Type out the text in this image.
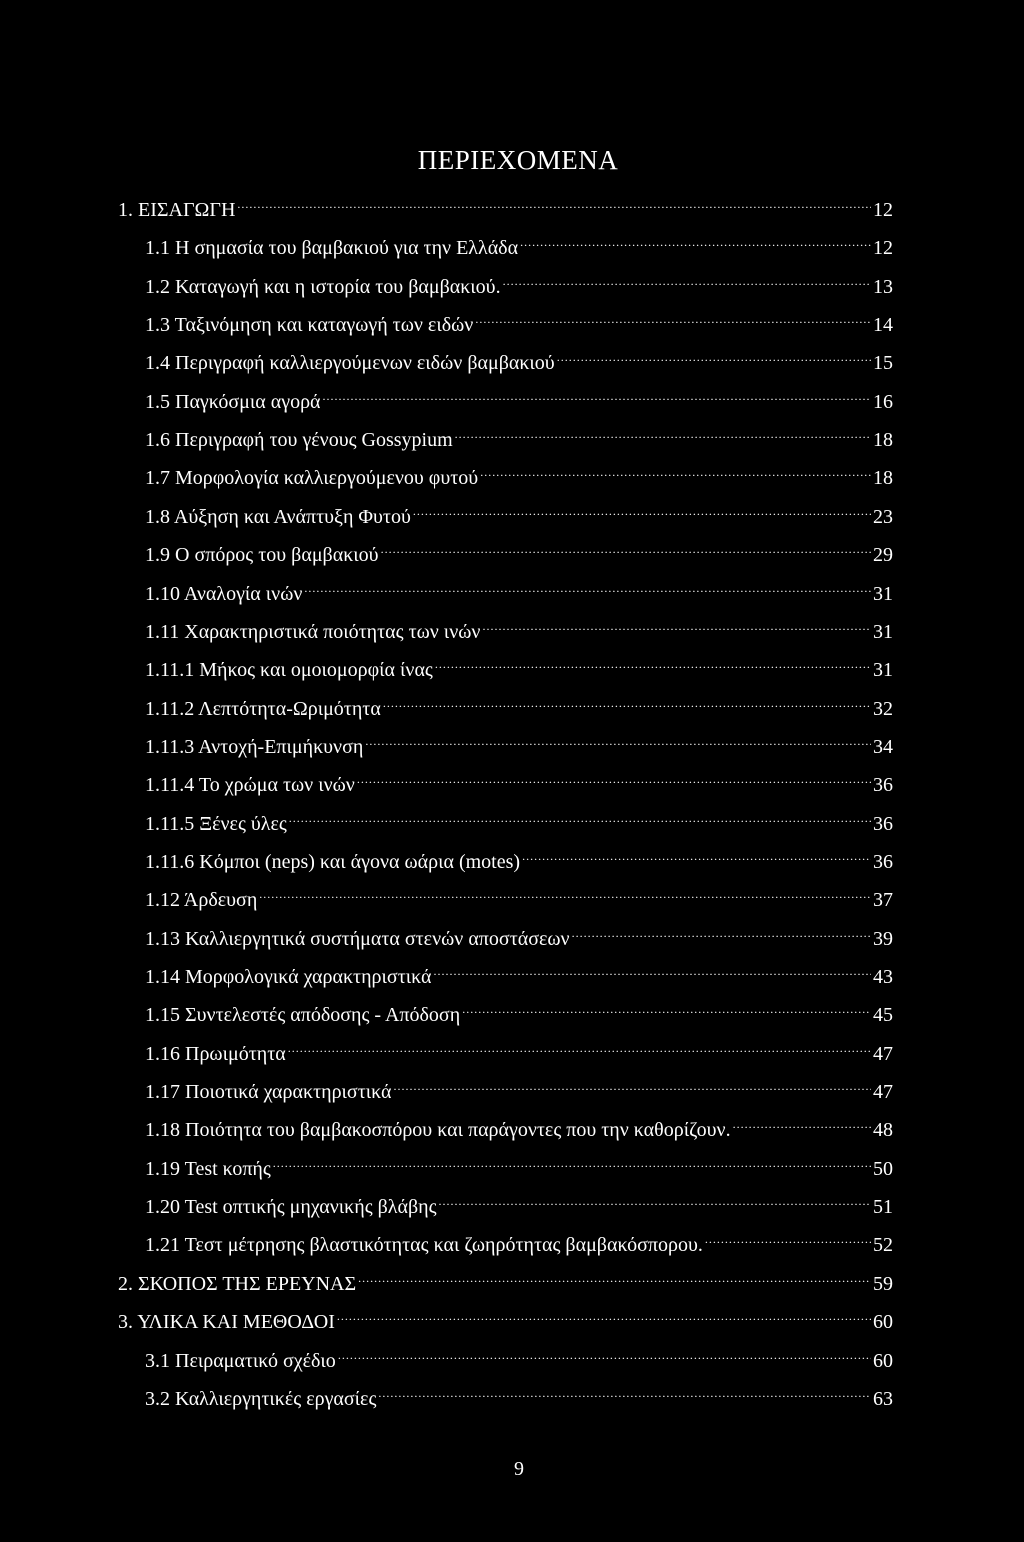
ΠΕΡΙΕΧΟΜΕΝΑ
1. ΕΙΣΑΓΩΓΗ .....	12
1.1 Η σημασία του βαμβακιού για την Ελλάδα .....	12
1.2 Καταγωγή και η ιστορία του βαμβακιού. .....	13
1.3 Ταξινόμηση και καταγωγή των ειδών .....	14
1.4 Περιγραφή καλλιεργούμενων ειδών βαμβακιού .....	15
1.5 Παγκόσμια αγορά .....	16
1.6 Περιγραφή του γένους Gossypium .....	18
1.7 Μορφολογία καλλιεργούμενου φυτού .....	18
1.8 Αύξηση και Ανάπτυξη Φυτού .....	23
1.9 Ο σπόρος του βαμβακιού .....	29
1.10 Αναλογία ινών .....	31
1.11 Χαρακτηριστικά ποιότητας των ινών .....	31
1.11.1 Μήκος και ομοιομορφία ίνας .....	31
1.11.2 Λεπτότητα-Ωριμότητα .....	32
1.11.3 Αντοχή-Επιμήκυνση .....	34
1.11.4 Το χρώμα των ινών .....	36
1.11.5 Ξένες ύλες .....	36
1.11.6 Κόμποι (neps) και άγονα ωάρια (motes) .....	36
1.12 Άρδευση .....	37
1.13 Καλλιεργητικά συστήματα στενών αποστάσεων .....	39
1.14 Μορφολογικά χαρακτηριστικά .....	43
1.15 Συντελεστές απόδοσης - Απόδοση .....	45
1.16 Πρωιμότητα .....	47
1.17 Ποιοτικά χαρακτηριστικά .....	47
1.18 Ποιότητα του βαμβακοσπόρου και παράγοντες που την καθορίζουν. .....	48
1.19 Test κοπής .....	50
1.20 Test οπτικής μηχανικής βλάβης .....	51
1.21 Τεστ μέτρησης βλαστικότητας και ζωηρότητας βαμβακόσπορου. .....	52
2. ΣΚΟΠΟΣ ΤΗΣ ΕΡΕΥΝΑΣ .....	59
3. ΥΛΙΚΑ ΚΑΙ ΜΕΘΟΔΟΙ .....	60
3.1 Πειραματικό σχέδιο .....	60
3.2 Καλλιεργητικές εργασίες .....	63
9
